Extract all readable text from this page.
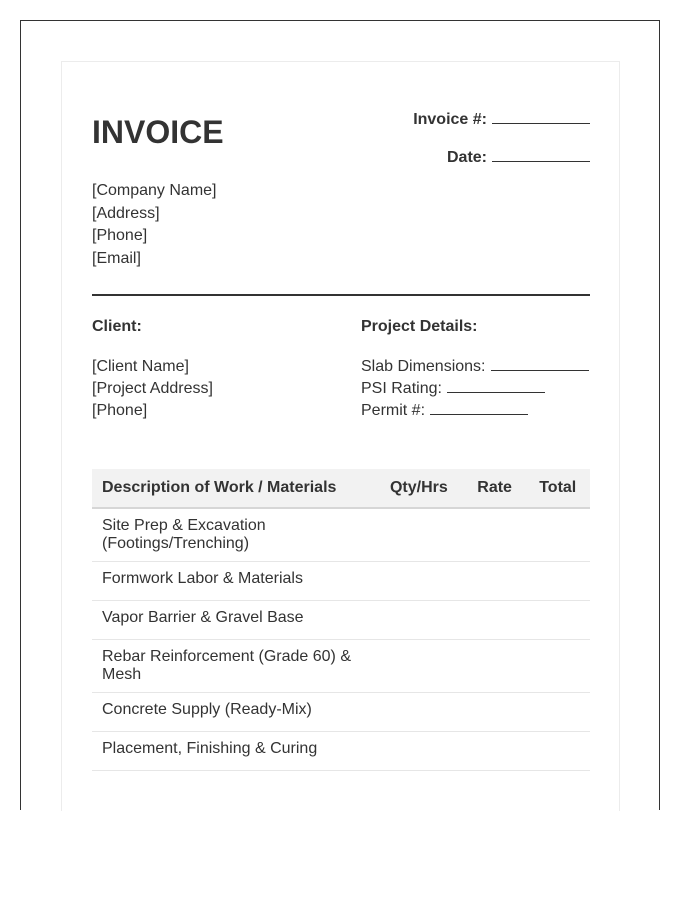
INVOICE	Invoice #:
Date:
[Company Name]
[Address]
[Phone]
[Email]
Client:	Project Details:
[Client Name]
[Project Address]
[Phone]
Slab Dimensions:
PSI Rating:
Permit #:
Description of Work / Materials	Qty/Hrs	Rate	Total
Site Prep & Excavation (Footings/Trenching)			
Formwork Labor & Materials			
Vapor Barrier & Gravel Base			
Rebar Reinforcement (Grade 60) & Mesh			
Concrete Supply (Ready-Mix)			
Placement, Finishing & Curing			
